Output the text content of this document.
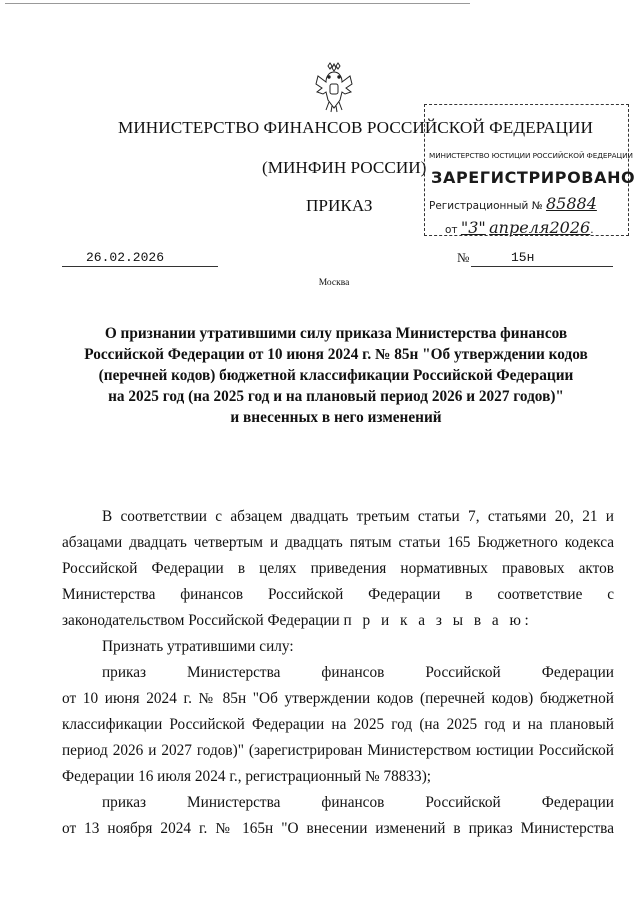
МИНИСТЕРСТВО ФИНАНСОВ РОССИЙСКОЙ ФЕДЕРАЦИИ
(МИНФИН РОССИИ)
ПРИКАЗ
МИНИСТЕРСТВО ЮСТИЦИИ РОССИЙСКОЙ ФЕДЕРАЦИИ
ЗАРЕГИСТРИРОВАНО
Регистрационный № 85884
от "3" апреля2026.
26.02.2026	№	15н
Москва
О признании утратившими силу приказа Министерства финансов
Российской Федерации от 10 июня 2024 г. № 85н "Об утверждении кодов
(перечней кодов) бюджетной классификации Российской Федерации
на 2025 год (на 2025 год и на плановый период 2026 и 2027 годов)"
и внесенных в него изменений

В соответствии с абзацем двадцать третьим статьи 7, статьями 20, 21 и абзацами двадцать четвертым и двадцать пятым статьи 165 Бюджетного кодекса Российской Федерации в целях приведения нормативных правовых актов Министерства финансов Российской Федерации в соответствие с законодательством Российской Федерации п р и к а з ы в а ю:

Признать утратившими силу:

приказ Министерства финансов Российской Федерации

от 10 июня 2024 г. № 85н "Об утверждении кодов (перечней кодов) бюджетной классификации Российской Федерации на 2025 год (на 2025 год и на плановый период 2026 и 2027 годов)" (зарегистрирован Министерством юстиции Российской Федерации 16 июля 2024 г., регистрационный № 78833);

приказ Министерства финансов Российской Федерации

от 13 ноября 2024 г. № 165н "О внесении изменений в приказ Министерства
